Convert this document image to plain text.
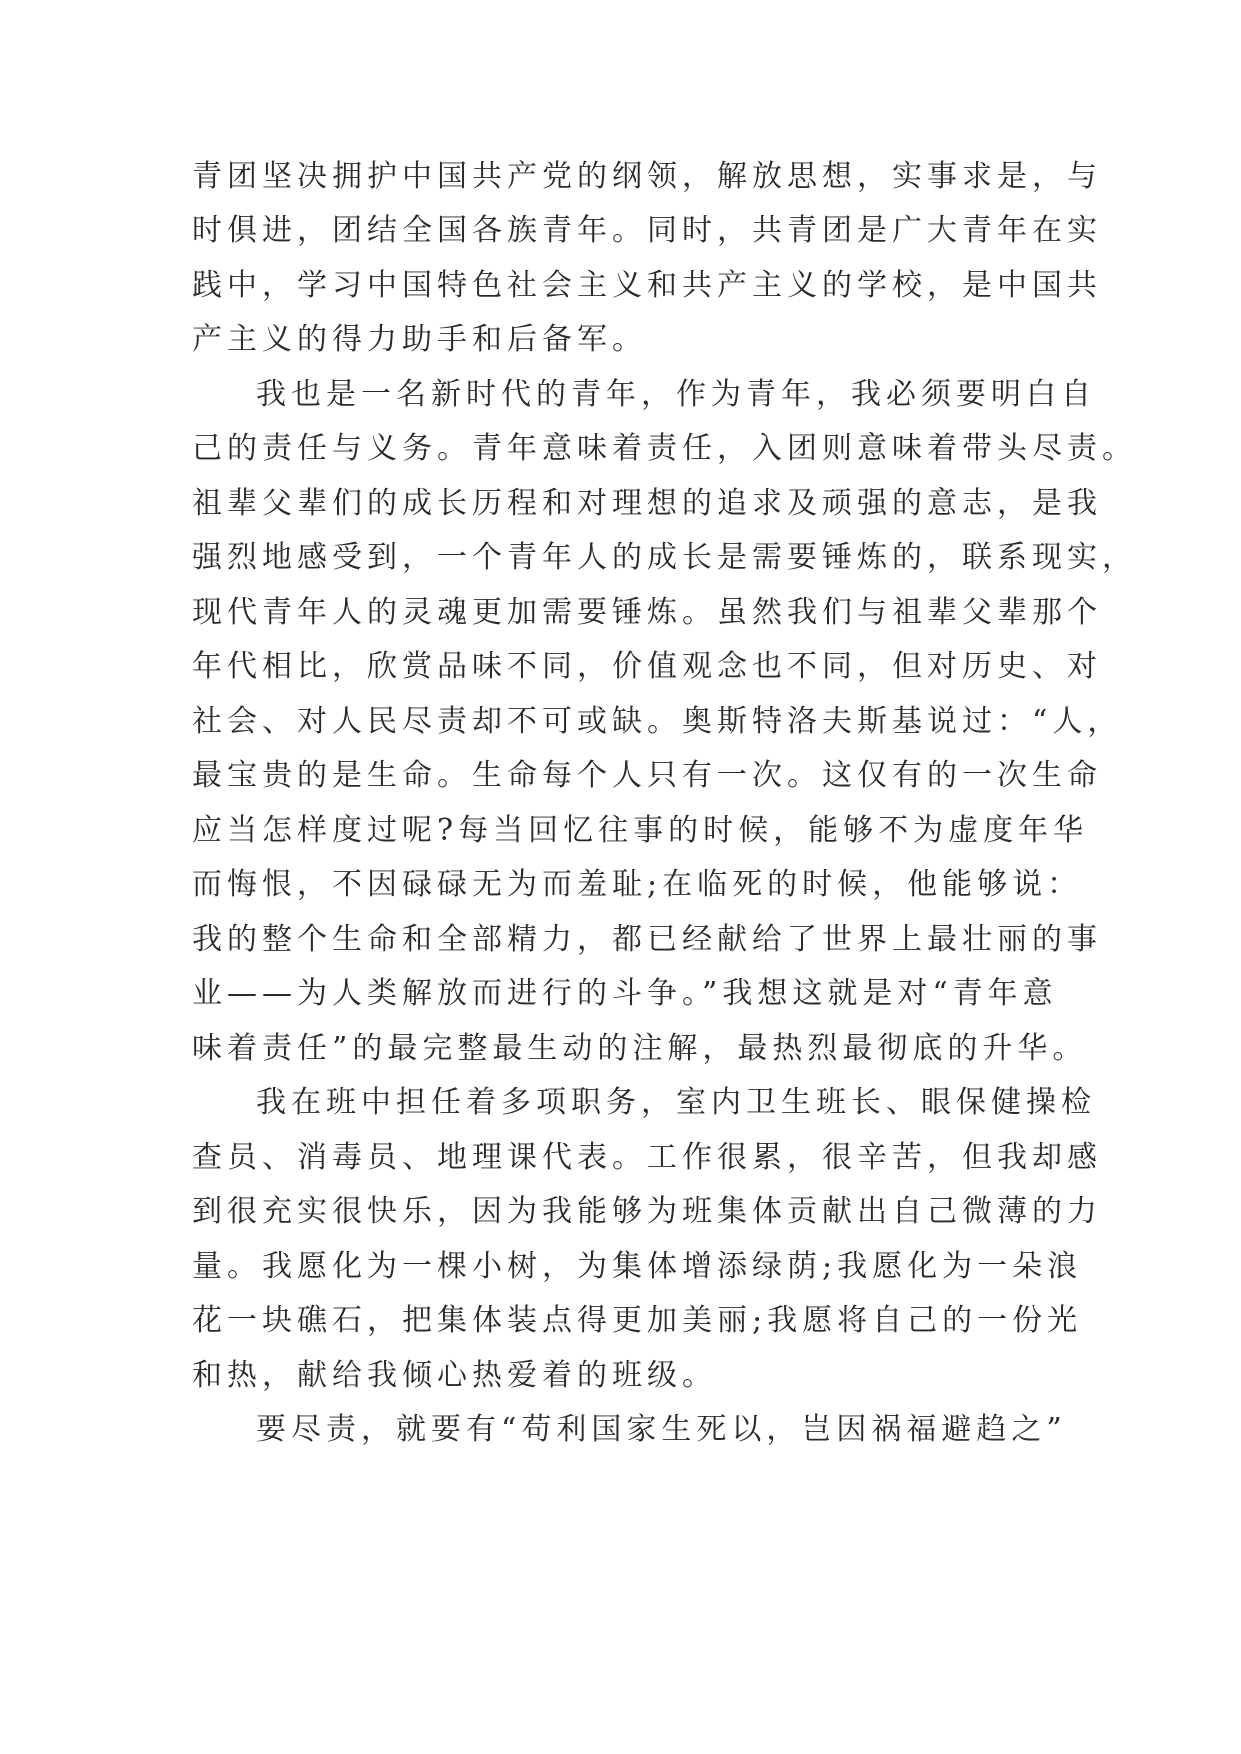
青团坚决拥护中国共产党的纲领，解放思想，实事求是，与
时俱进，团结全国各族青年。同时，共青团是广大青年在实
践中，学习中国特色社会主义和共产主义的学校，是中国共
产主义的得力助手和后备军。
我也是一名新时代的青年，作为青年，我必须要明白自
己的责任与义务。青年意味着责任，入团则意味着带头尽责。
祖辈父辈们的成长历程和对理想的追求及顽强的意志，是我
强烈地感受到，一个青年人的成长是需要锤炼的，联系现实，
现代青年人的灵魂更加需要锤炼。虽然我们与祖辈父辈那个
年代相比，欣赏品味不同，价值观念也不同，但对历史、对
社会、对人民尽责却不可或缺。奥斯特洛夫斯基说过：“人，
最宝贵的是生命。生命每个人只有一次。这仅有的一次生命
应当怎样度过呢?每当回忆往事的时候，能够不为虚度年华
而悔恨，不因碌碌无为而羞耻;在临死的时候，他能够说：
我的整个生命和全部精力，都已经献给了世界上最壮丽的事
业——为人类解放而进行的斗争。”我想这就是对“青年意
味着责任”的最完整最生动的注解，最热烈最彻底的升华。
我在班中担任着多项职务，室内卫生班长、眼保健操检
查员、消毒员、地理课代表。工作很累，很辛苦，但我却感
到很充实很快乐，因为我能够为班集体贡献出自己微薄的力
量。我愿化为一棵小树，为集体增添绿荫;我愿化为一朵浪
花一块礁石，把集体装点得更加美丽;我愿将自己的一份光
和热，献给我倾心热爱着的班级。
要尽责，就要有“苟利国家生死以，岂因祸福避趋之”
